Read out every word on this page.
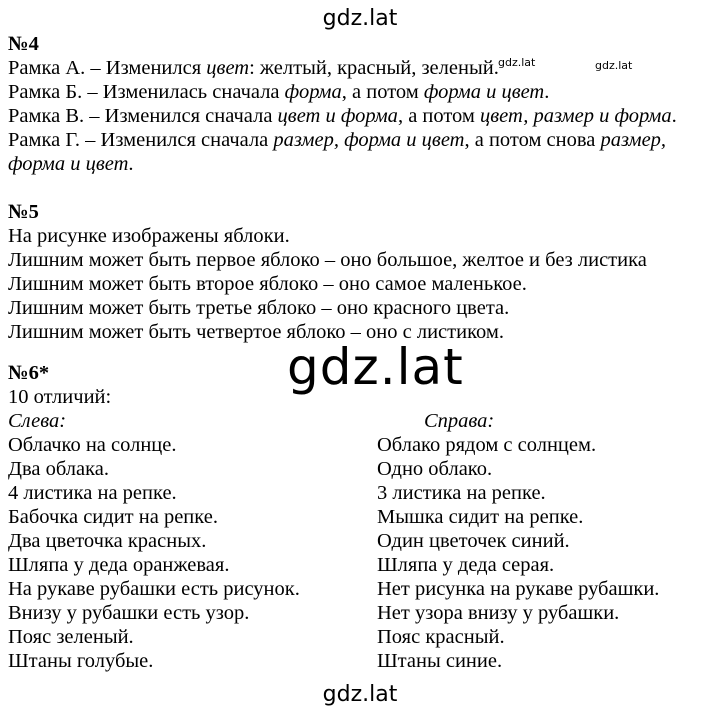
gdz.lat
gdz.lat	gdz.lat
gdz.lat
gdz.lat
№4
Рамка А. – Изменился цвет: желтый, красный, зеленый.
Рамка Б. – Изменилась сначала форма, а потом форма и цвет.
Рамка В. – Изменился сначала цвет и форма, а потом цвет, размер и форма.
Рамка Г. – Изменился сначала размер, форма и цвет, а потом снова размер,
форма и цвет.
№5
На рисунке изображены яблоки.
Лишним может быть первое яблоко – оно большое, желтое и без листика
Лишним может быть второе яблоко – оно самое маленькое.
Лишним может быть третье яблоко – оно красного цвета.
Лишним может быть четвертое яблоко – оно с листиком.
№6*
10 отличий:
Слева:	Справа:
Облачко на солнце.
Два облака.
4 листика на репке.
Бабочка сидит на репке.
Два цветочка красных.
Шляпа у деда оранжевая.
На рукаве рубашки есть рисунок.
Внизу у рубашки есть узор.
Пояс зеленый.
Штаны голубые.
Облако рядом с солнцем.
Одно облако.
3 листика на репке.
Мышка сидит на репке.
Один цветочек синий.
Шляпа у деда серая.
Нет рисунка на рукаве рубашки.
Нет узора внизу у рубашки.
Пояс красный.
Штаны синие.
